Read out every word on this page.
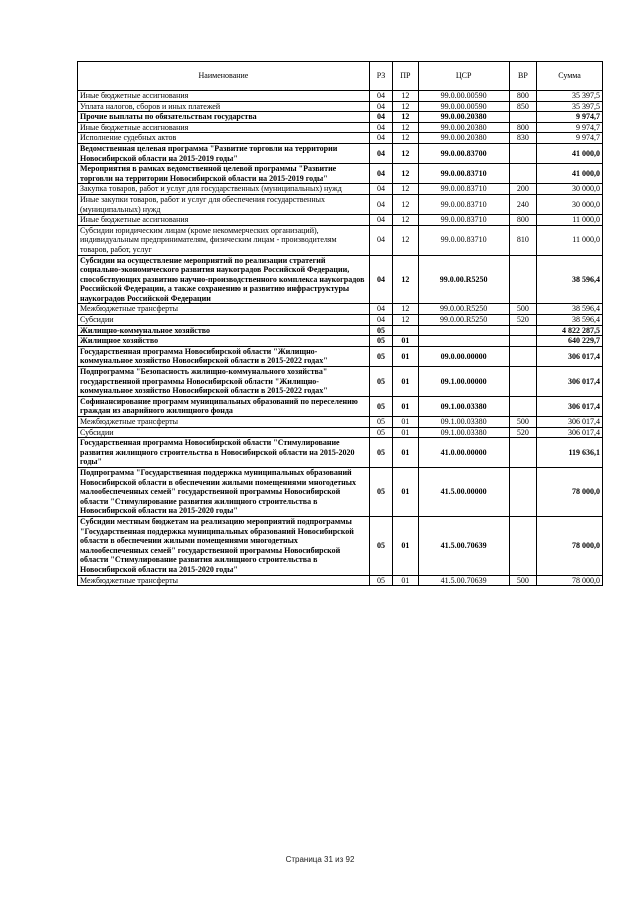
Наименование	РЗ	ПР	ЦСР	ВР	Сумма
Иные бюджетные ассигнования	04	12	99.0.00.00590	800	35 397,5
Уплата налогов, сборов и иных платежей	04	12	99.0.00.00590	850	35 397,5
Прочие выплаты по обязательствам государства	04	12	99.0.00.20380		9 974,7
Иные бюджетные ассигнования	04	12	99.0.00.20380	800	9 974,7
Исполнение судебных актов	04	12	99.0.00.20380	830	9 974,7
Ведомственная целевая программа "Развитие торговли на территории Новосибирской области на 2015-2019 годы"	04	12	99.0.00.83700		41 000,0
Мероприятия в рамках ведомственной целевой программы "Развитие торговли на территории Новосибирской области на 2015-2019 годы"	04	12	99.0.00.83710		41 000,0
Закупка товаров, работ и услуг для государственных (муниципальных) нужд	04	12	99.0.00.83710	200	30 000,0
Иные закупки товаров, работ и услуг для обеспечения государственных (муниципальных) нужд	04	12	99.0.00.83710	240	30 000,0
Иные бюджетные ассигнования	04	12	99.0.00.83710	800	11 000,0
Субсидии юридическим лицам (кроме некоммерческих организаций), индивидуальным предпринимателям, физическим лицам - производителям товаров, работ, услуг	04	12	99.0.00.83710	810	11 000,0
Субсидии на осуществление мероприятий по реализации стратегий социально-экономического развития наукоградов Российской Федерации, способствующих развитию научно-производственного комплекса наукоградов Российской Федерации, а также сохранению и развитию инфраструктуры наукоградов Российской Федерации	04	12	99.0.00.R5250		38 596,4
Межбюджетные трансферты	04	12	99.0.00.R5250	500	38 596,4
Субсидии	04	12	99.0.00.R5250	520	38 596,4
Жилищно-коммунальное хозяйство	05				4 822 287,5
Жилищное хозяйство	05	01			640 229,7
Государственная программа Новосибирской области "Жилищно-коммунальное хозяйство Новосибирской области в 2015-2022 годах"	05	01	09.0.00.00000		306 017,4
Подпрограмма "Безопасность жилищно-коммунального хозяйства" государственной программы Новосибирской области "Жилищно-коммунальное хозяйство Новосибирской области в 2015-2022 годах"	05	01	09.1.00.00000		306 017,4
Софинансирование программ муниципальных образований по переселению граждан из аварийного жилищного фонда	05	01	09.1.00.03380		306 017,4
Межбюджетные трансферты	05	01	09.1.00.03380	500	306 017,4
Субсидии	05	01	09.1.00.03380	520	306 017,4
Государственная программа Новосибирской области "Стимулирование развития жилищного строительства в Новосибирской области на 2015-2020 годы"	05	01	41.0.00.00000		119 636,1
Подпрограмма "Государственная поддержка муниципальных образований Новосибирской области в обеспечении жилыми помещениями многодетных малообеспеченных семей" государственной программы Новосибирской области "Стимулирование развития жилищного строительства в Новосибирской области на 2015-2020 годы"	05	01	41.5.00.00000		78 000,0
Субсидии местным бюджетам на реализацию мероприятий подпрограммы "Государственная поддержка муниципальных образований Новосибирской области в обеспечении жилыми помещениями многодетных малообеспеченных семей" государственной программы Новосибирской области "Стимулирование развития жилищного строительства в Новосибирской области на 2015-2020 годы"	05	01	41.5.00.70639		78 000,0
Межбюджетные трансферты	05	01	41.5.00.70639	500	78 000,0
Страница 31 из 92
